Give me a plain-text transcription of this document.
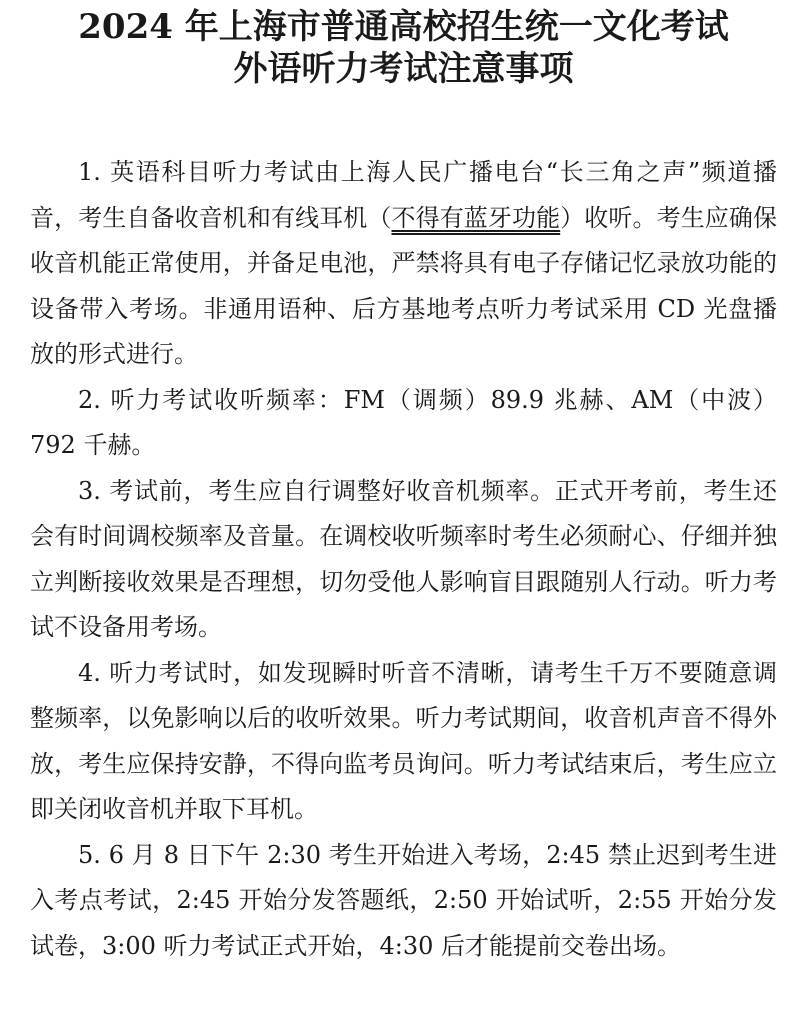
2024 年上海市普通高校招生统一文化考试
外语听力考试注意事项

1. 英语科目听力考试由上海人民广播电台“长三角之声”频道播音，考生自备收音机和有线耳机（不得有蓝牙功能）收听。考生应确保收音机能正常使用，并备足电池，严禁将具有电子存储记忆录放功能的设备带入考场。非通用语种、后方基地考点听力考试采用 CD 光盘播放的形式进行。

2. 听力考试收听频率：FM（调频）89.9 兆赫、AM（中波）792 千赫。

3. 考试前，考生应自行调整好收音机频率。正式开考前，考生还会有时间调校频率及音量。在调校收听频率时考生必须耐心、仔细并独立判断接收效果是否理想，切勿受他人影响盲目跟随别人行动。听力考试不设备用考场。

4. 听力考试时，如发现瞬时听音不清晰，请考生千万不要随意调整频率，以免影响以后的收听效果。听力考试期间，收音机声音不得外放，考生应保持安静，不得向监考员询问。听力考试结束后，考生应立即关闭收音机并取下耳机。

5. 6 月 8 日下午 2:30 考生开始进入考场，2:45 禁止迟到考生进入考点考试，2:45 开始分发答题纸，2:50 开始试听，2:55 开始分发试卷，3:00 听力考试正式开始，4:30 后才能提前交卷出场。
